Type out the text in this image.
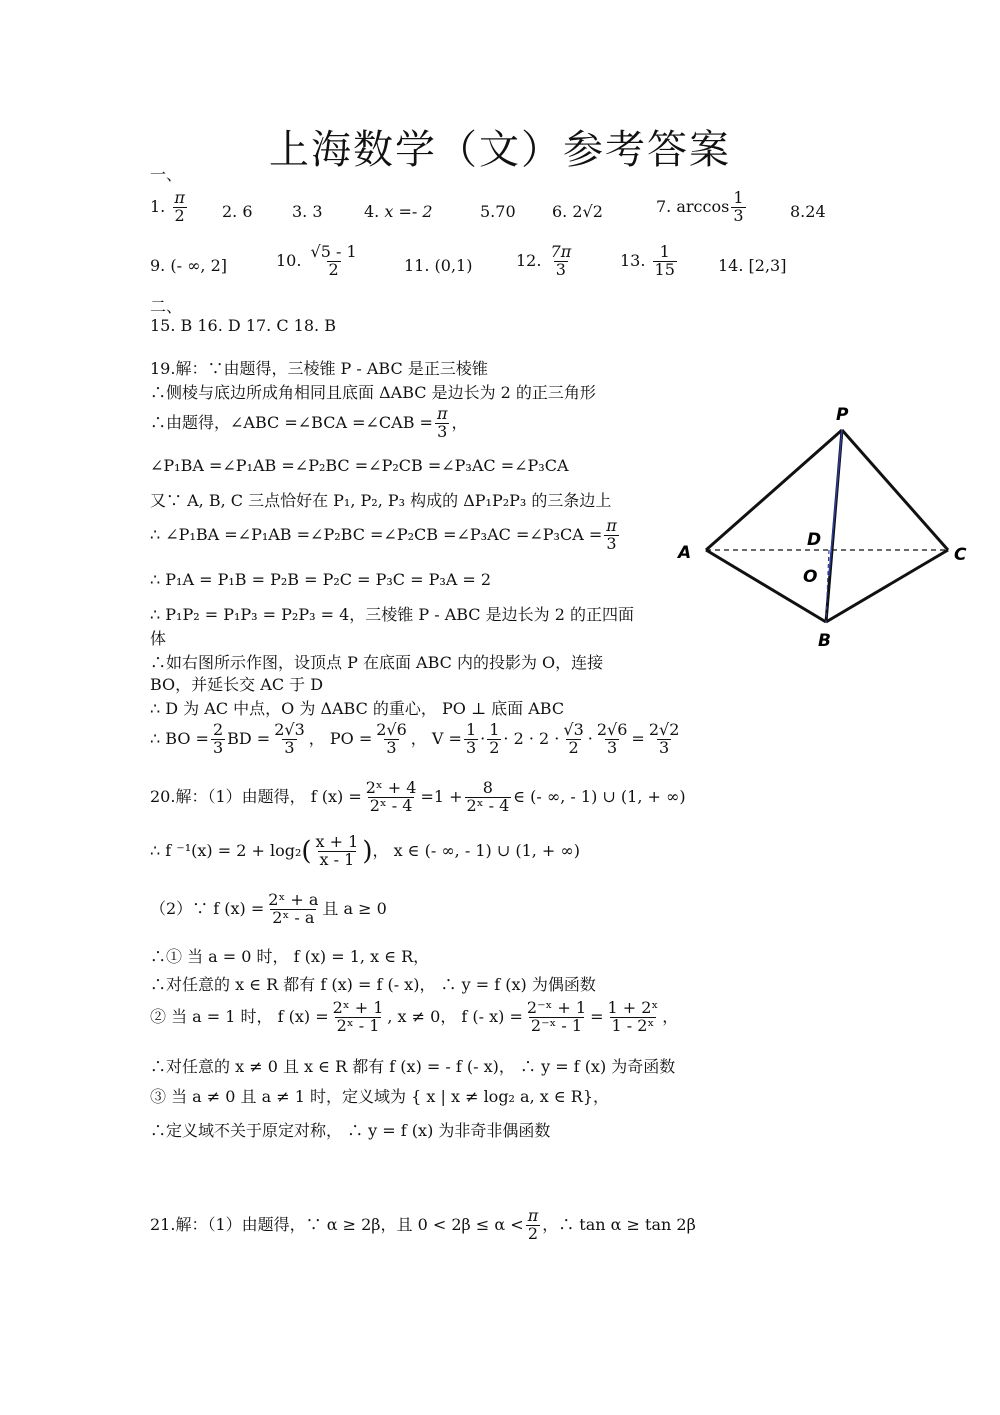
上海数学（文）参考答案
一、
1. $\frac{\pi}{2} 2$. 6 3. 3	4. x =- 2	5.70 6. 2√2	7. $\arccos \frac{1}{3}$	8.24
9. (- ∞, 2]	10. $\frac{√5 - 1}{2}$	11. (0,1)	12. $\frac{7\pi}{3}$	13. $\frac{1}{15}$	14. [2,3]
二、
15. B 16. D 17. C 18. B
19.解：∵由题得，三棱锥 P - ABC 是正三棱锥
∴侧棱与底边所成角相同且底面 ΔABC 是边长为 2 的正三角形
∴由题得，∠ABC =∠BCA =∠CAB = $\frac{\pi}{3}$ ，
∠P₁BA =∠P₁AB =∠P₂BC =∠P₂CB =∠P₃AC =∠P₃CA
又∵ A, B, C 三点恰好在 P₁, P₂, P₃ 构成的 ΔP₁P₂P₃ 的三条边上
∴ ∠P₁BA =∠P₁AB =∠P₂BC =∠P₂CB =∠P₃AC =∠P₃CA = $\frac{\pi}{3}$
∴ P₁A = P₁B = P₂B = P₂C = P₃C = P₃A = 2
∴ P₁P₂ = P₁P₃ = P₂P₃ = 4，三棱锥 P - ABC 是边长为 2 的正四面
体
∴如右图所示作图，设顶点 P 在底面 ABC 内的投影为 O，连接
BO，并延长交 AC 于 D
∴ D 为 AC 中点，O 为 ΔABC 的重心， PO ⊥ 底面 ABC
∴ BO = $\frac{2}{3}$ BD = $\frac{2√3}{3}$ ， PO = $\frac{2√6}{3}$ ， $V = \frac{1}{3} \cdot \frac{1}{2} \cdot 2 \cdot 2 \cdot \frac{√3}{2} \cdot \frac{2√6}{3} = \frac{2√2}{3}$
P
A	C
B
D
O
20.解：（1）由题得， f $(x) = \frac{\text{2ˣ + 4}}{\text{2ˣ - 4}} =1 + \frac{8}{\text{2ˣ - 4}}$ ∈ (- ∞, - 1) ∪ (1, + ∞)
∴ f $^{-1}(x) = 2 + \log_2( \frac{x + 1}{x - 1}$ )， x ∈ (- ∞, - 1) ∪ (1, + ∞)
（2）∵ f $(x) = \frac{\text{2ˣ + a}}{\text{2ˣ - a}}$ 且 a ≥ 0
∴① 当 a = 0 时， f (x) = 1, x ∈ R，
∴对任意的 x ∈ R 都有 f (x) = f (- x)， ∴ y = f (x) 为偶函数
② 当 a = 1 时， f $(x) = \frac{\text{2ˣ + 1}}{\text{2ˣ - 1}}$ , x ≠ 0， f (- $x) = \frac{\text{2⁻ˣ + 1}}{\text{2⁻ˣ - 1}} = \frac{\text{1 + 2ˣ}}{\text{1 - 2ˣ}}$ ，
∴对任意的 x ≠ 0 且 x ∈ R 都有 f (x) = - f (- x)， ∴ y = f (x) 为奇函数
③ 当 a ≠ 0 且 a ≠ 1 时，定义域为 { x | x ≠ log₂ a, x ∈ R}，
∴定义域不关于原定对称， ∴ y = f (x) 为非奇非偶函数
21.解：（1）由题得，∵ α ≥ 2β，且 $0 < 2\beta \le \alpha < \frac{\pi}{2}$ ，∴ tan α ≥ tan 2β
